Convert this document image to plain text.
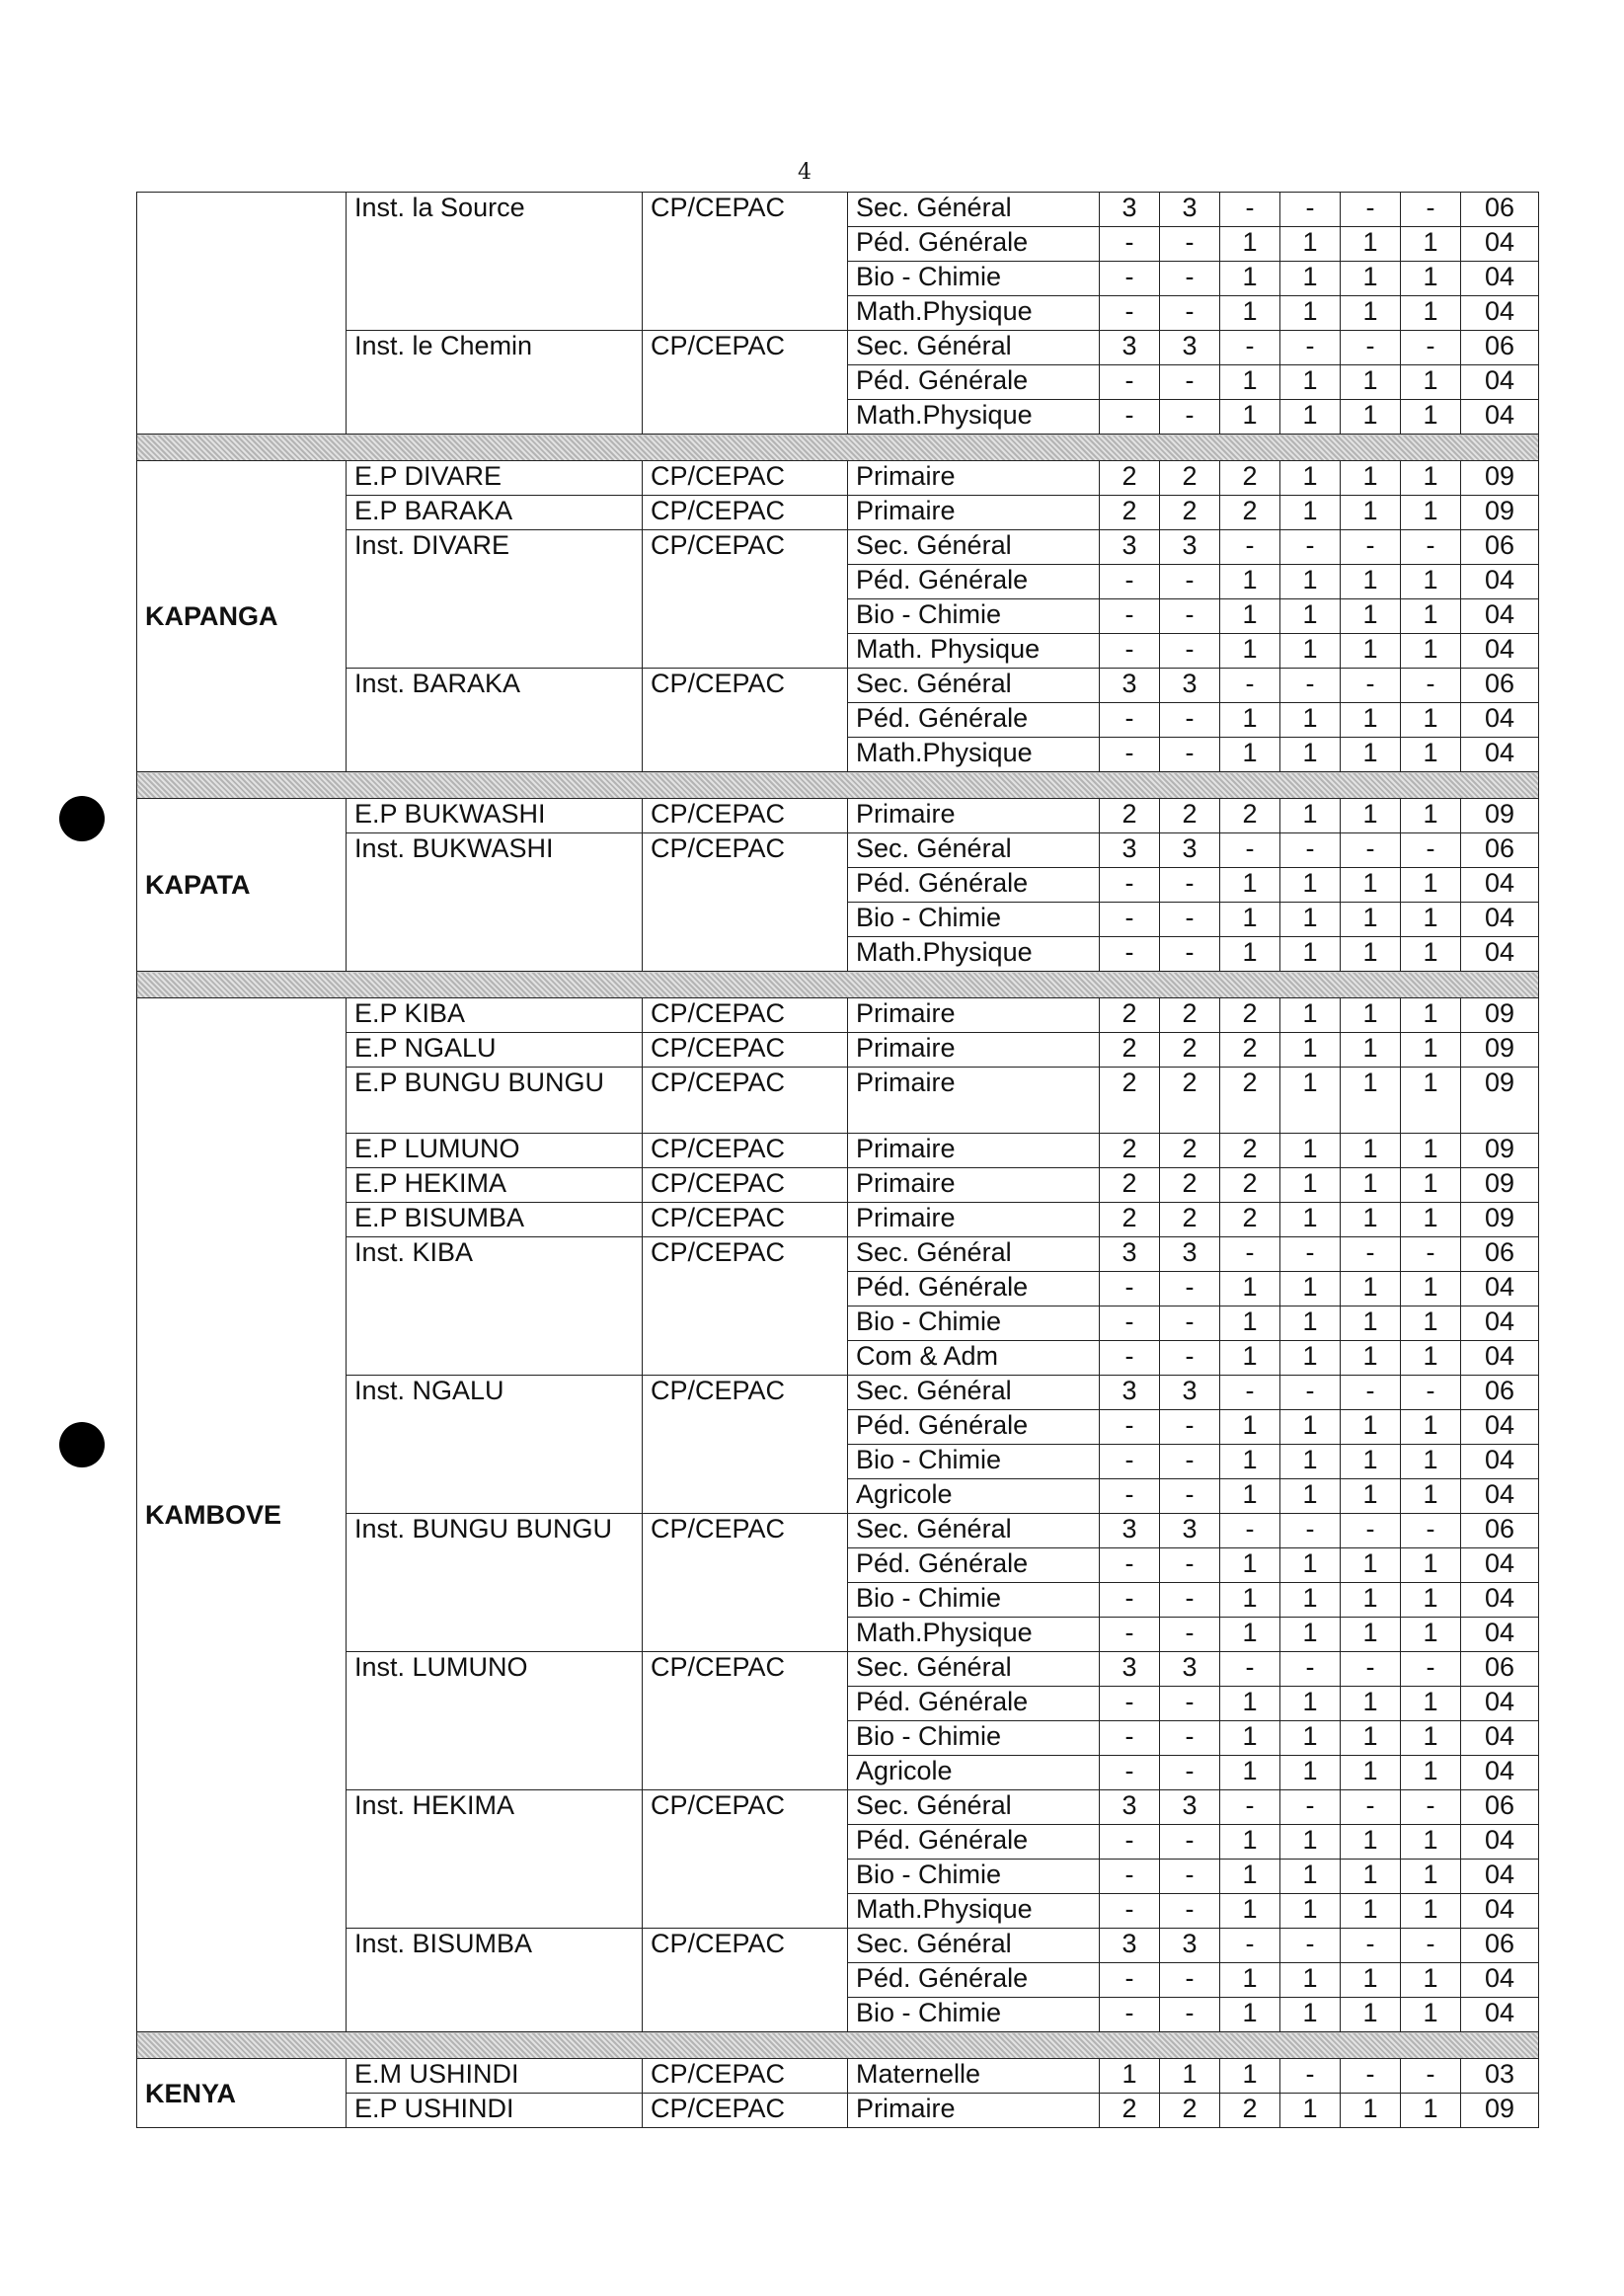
4
	Inst. la Source	CP/CEPAC	Sec. Général	3	3	-	-	-	-	06
			Péd. Générale	-	-	1	1	1	1	04
			Bio - Chimie	-	-	1	1	1	1	04
			Math.Physique	-	-	1	1	1	1	04
	Inst. le Chemin	CP/CEPAC	Sec. Général	3	3	-	-	-	-	06
			Péd. Générale	-	-	1	1	1	1	04
			Math.Physique	-	-	1	1	1	1	04

KAPANGA	E.P DIVARE	CP/CEPAC	Primaire	2	2	2	1	1	1	09
	E.P BARAKA	CP/CEPAC	Primaire	2	2	2	1	1	1	09
	Inst. DIVARE	CP/CEPAC	Sec. Général	3	3	-	-	-	-	06
			Péd. Générale	-	-	1	1	1	1	04
			Bio - Chimie	-	-	1	1	1	1	04
			Math. Physique	-	-	1	1	1	1	04
	Inst. BARAKA	CP/CEPAC	Sec. Général	3	3	-	-	-	-	06
			Péd. Générale	-	-	1	1	1	1	04
			Math.Physique	-	-	1	1	1	1	04

KAPATA	E.P BUKWASHI	CP/CEPAC	Primaire	2	2	2	1	1	1	09
	Inst. BUKWASHI	CP/CEPAC	Sec. Général	3	3	-	-	-	-	06
			Péd. Générale	-	-	1	1	1	1	04
			Bio - Chimie	-	-	1	1	1	1	04
			Math.Physique	-	-	1	1	1	1	04

KAMBOVE	E.P KIBA	CP/CEPAC	Primaire	2	2	2	1	1	1	09
	E.P NGALU	CP/CEPAC	Primaire	2	2	2	1	1	1	09
	E.P BUNGU BUNGU	CP/CEPAC	Primaire	2	2	2	1	1	1	09
	E.P LUMUNO	CP/CEPAC	Primaire	2	2	2	1	1	1	09
	E.P HEKIMA	CP/CEPAC	Primaire	2	2	2	1	1	1	09
	E.P BISUMBA	CP/CEPAC	Primaire	2	2	2	1	1	1	09
	Inst. KIBA	CP/CEPAC	Sec. Général	3	3	-	-	-	-	06
			Péd. Générale	-	-	1	1	1	1	04
			Bio - Chimie	-	-	1	1	1	1	04
			Com & Adm	-	-	1	1	1	1	04
	Inst. NGALU	CP/CEPAC	Sec. Général	3	3	-	-	-	-	06
			Péd. Générale	-	-	1	1	1	1	04
			Bio - Chimie	-	-	1	1	1	1	04
			Agricole	-	-	1	1	1	1	04
	Inst. BUNGU BUNGU	CP/CEPAC	Sec. Général	3	3	-	-	-	-	06
			Péd. Générale	-	-	1	1	1	1	04
			Bio - Chimie	-	-	1	1	1	1	04
			Math.Physique	-	-	1	1	1	1	04
	Inst. LUMUNO	CP/CEPAC	Sec. Général	3	3	-	-	-	-	06
			Péd. Générale	-	-	1	1	1	1	04
			Bio - Chimie	-	-	1	1	1	1	04
			Agricole	-	-	1	1	1	1	04
	Inst. HEKIMA	CP/CEPAC	Sec. Général	3	3	-	-	-	-	06
			Péd. Générale	-	-	1	1	1	1	04
			Bio - Chimie	-	-	1	1	1	1	04
			Math.Physique	-	-	1	1	1	1	04
	Inst. BISUMBA	CP/CEPAC	Sec. Général	3	3	-	-	-	-	06
			Péd. Générale	-	-	1	1	1	1	04
			Bio - Chimie	-	-	1	1	1	1	04

KENYA	E.M USHINDI	CP/CEPAC	Maternelle	1	1	1	-	-	-	03
	E.P USHINDI	CP/CEPAC	Primaire	2	2	2	1	1	1	09
